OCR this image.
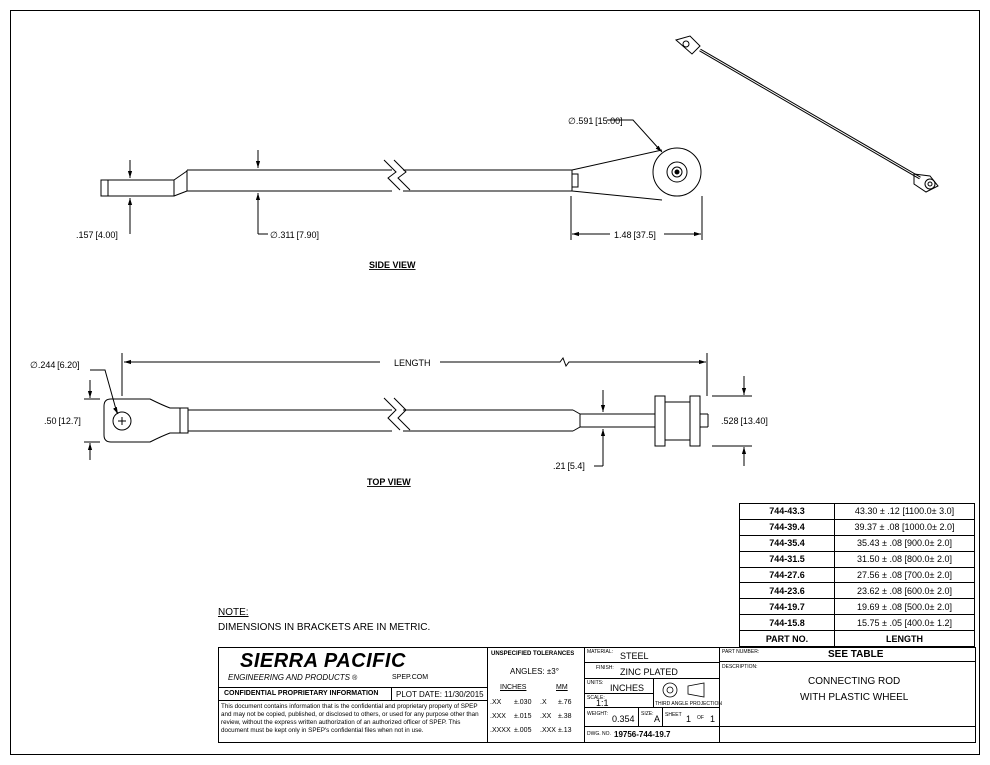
∅.591 [15.00]
.157 [4.00]	∅.311 [7.90]	1.48 [37.5]
SIDE VIEW
∅.244 [6.20]	LENGTH
.50 [12.7]	.528 [13.40]
.21 [5.4]
TOP VIEW
NOTE:
DIMENSIONS IN BRACKETS ARE IN METRIC.
744-43.3	43.30 ± .12 [1100.0± 3.0]
744-39.4	39.37 ± .08 [1000.0± 2.0]
744-35.4	35.43 ± .08 [900.0± 2.0]
744-31.5	31.50 ± .08 [800.0± 2.0]
744-27.6	27.56 ± .08 [700.0± 2.0]
744-23.6	23.62 ± .08 [600.0± 2.0]
744-19.7	19.69 ± .08 [500.0± 2.0]
744-15.8	15.75 ± .05 [400.0± 1.2]
PART NO.	LENGTH
SIERRA PACIFIC
ENGINEERING AND PRODUCTS ®	SPEP.COM
CONFIDENTIAL PROPRIETARY INFORMATION PLOT DATE: 11/30/2015
This document contains information that is the confidential and proprietary property of SPEP and may not be copied, published, or disclosed to others, or used for any purpose other than review, without the express written authorization of an authorized officer of SPEP. This document must be kept only in SPEP's confidential files when not in use.
UNSPECIFIED TOLERANCES
ANGLES: ±3°
INCHES	MM
.XX ±.030 .X ±.76
.XXX ±.015 .XX ±.38
.XXXX ±.005 .XXX ±.13
MATERIAL: STEEL
FINISH: ZINC PLATED
UNITS: INCHES
SCALE:
1:1	THIRD ANGLE PROJECTION
WEIGHT: 0.354 SIZE: A SHEET 1 OF 1
DWG. NO. 19756-744-19.7
PART NUMBER:	SEE TABLE
DESCRIPTION:
CONNECTING ROD
WITH PLASTIC WHEEL
